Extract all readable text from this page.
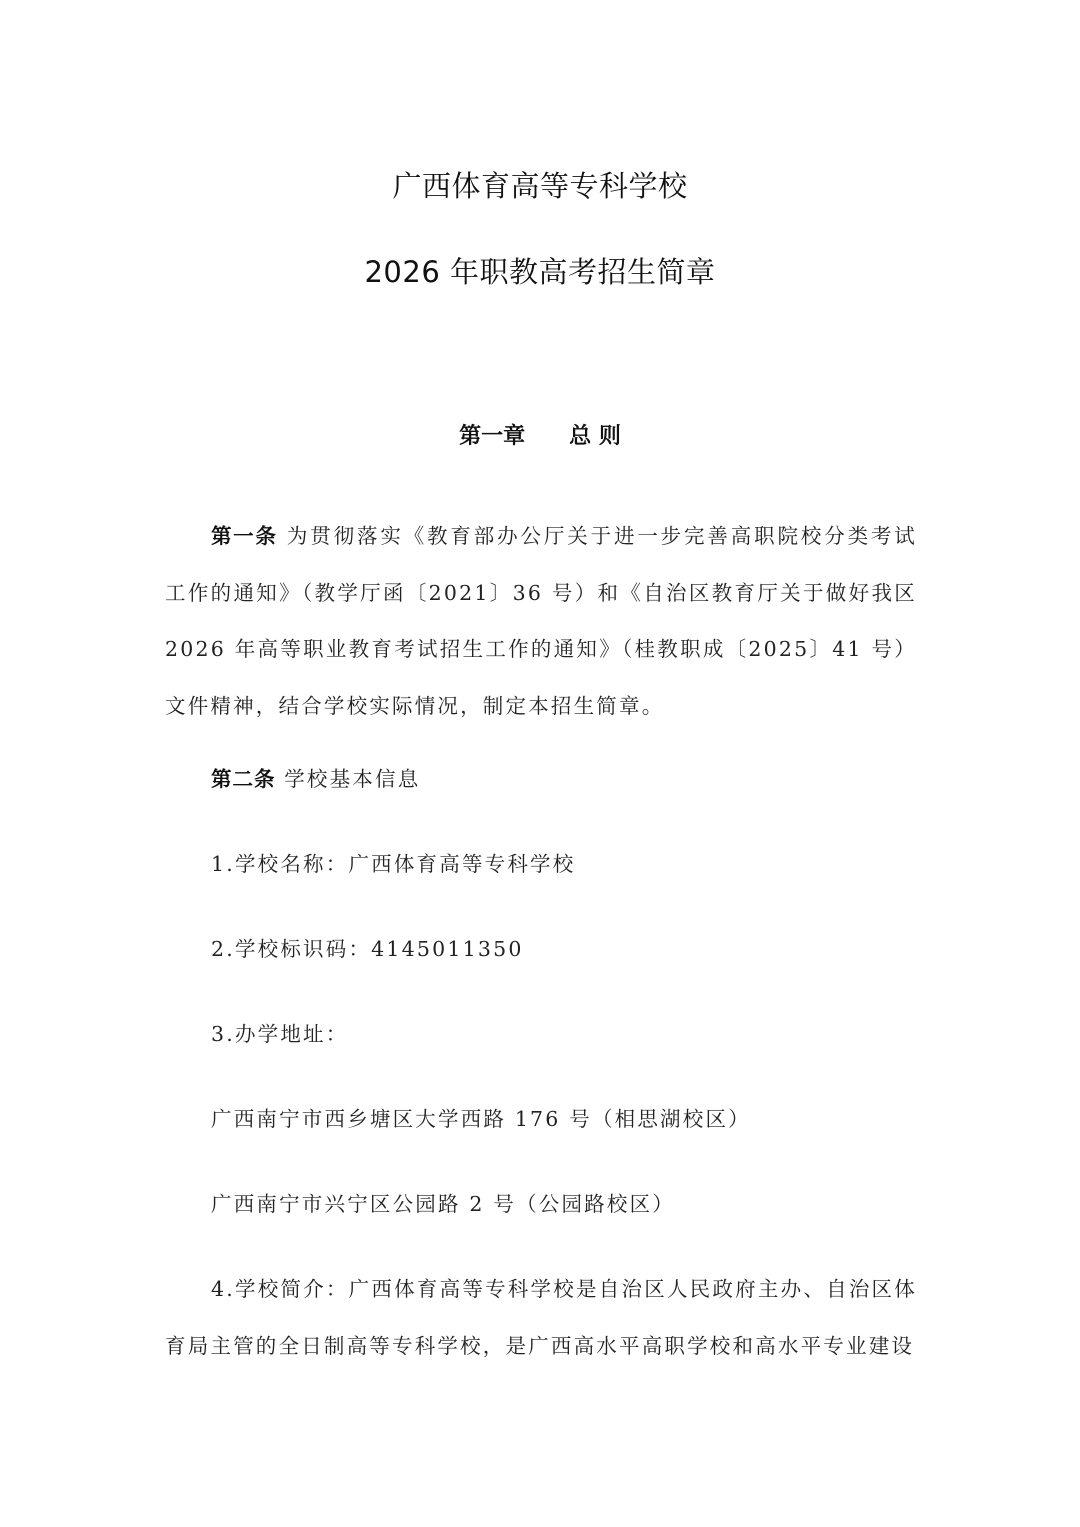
广西体育高等专科学校
2026 年职教高考招生简章
第一章 总 则
第一条 为贯彻落实《教育部办公厅关于进一步完善高职院校分类考试工作的通知》（教学厅函〔2021〕36 号）和《自治区教育厅关于做好我区 2026 年高等职业教育考试招生工作的通知》（桂教职成〔2025〕41 号）文件精神，结合学校实际情况，制定本招生简章。
第二条 学校基本信息
1.学校名称：广西体育高等专科学校
2.学校标识码：4145011350
3.办学地址：
广西南宁市西乡塘区大学西路 176 号（相思湖校区）
广西南宁市兴宁区公园路 2 号（公园路校区）
4.学校简介：广西体育高等专科学校是自治区人民政府主办、自治区体育局主管的全日制高等专科学校，是广西高水平高职学校和高水平专业建设
